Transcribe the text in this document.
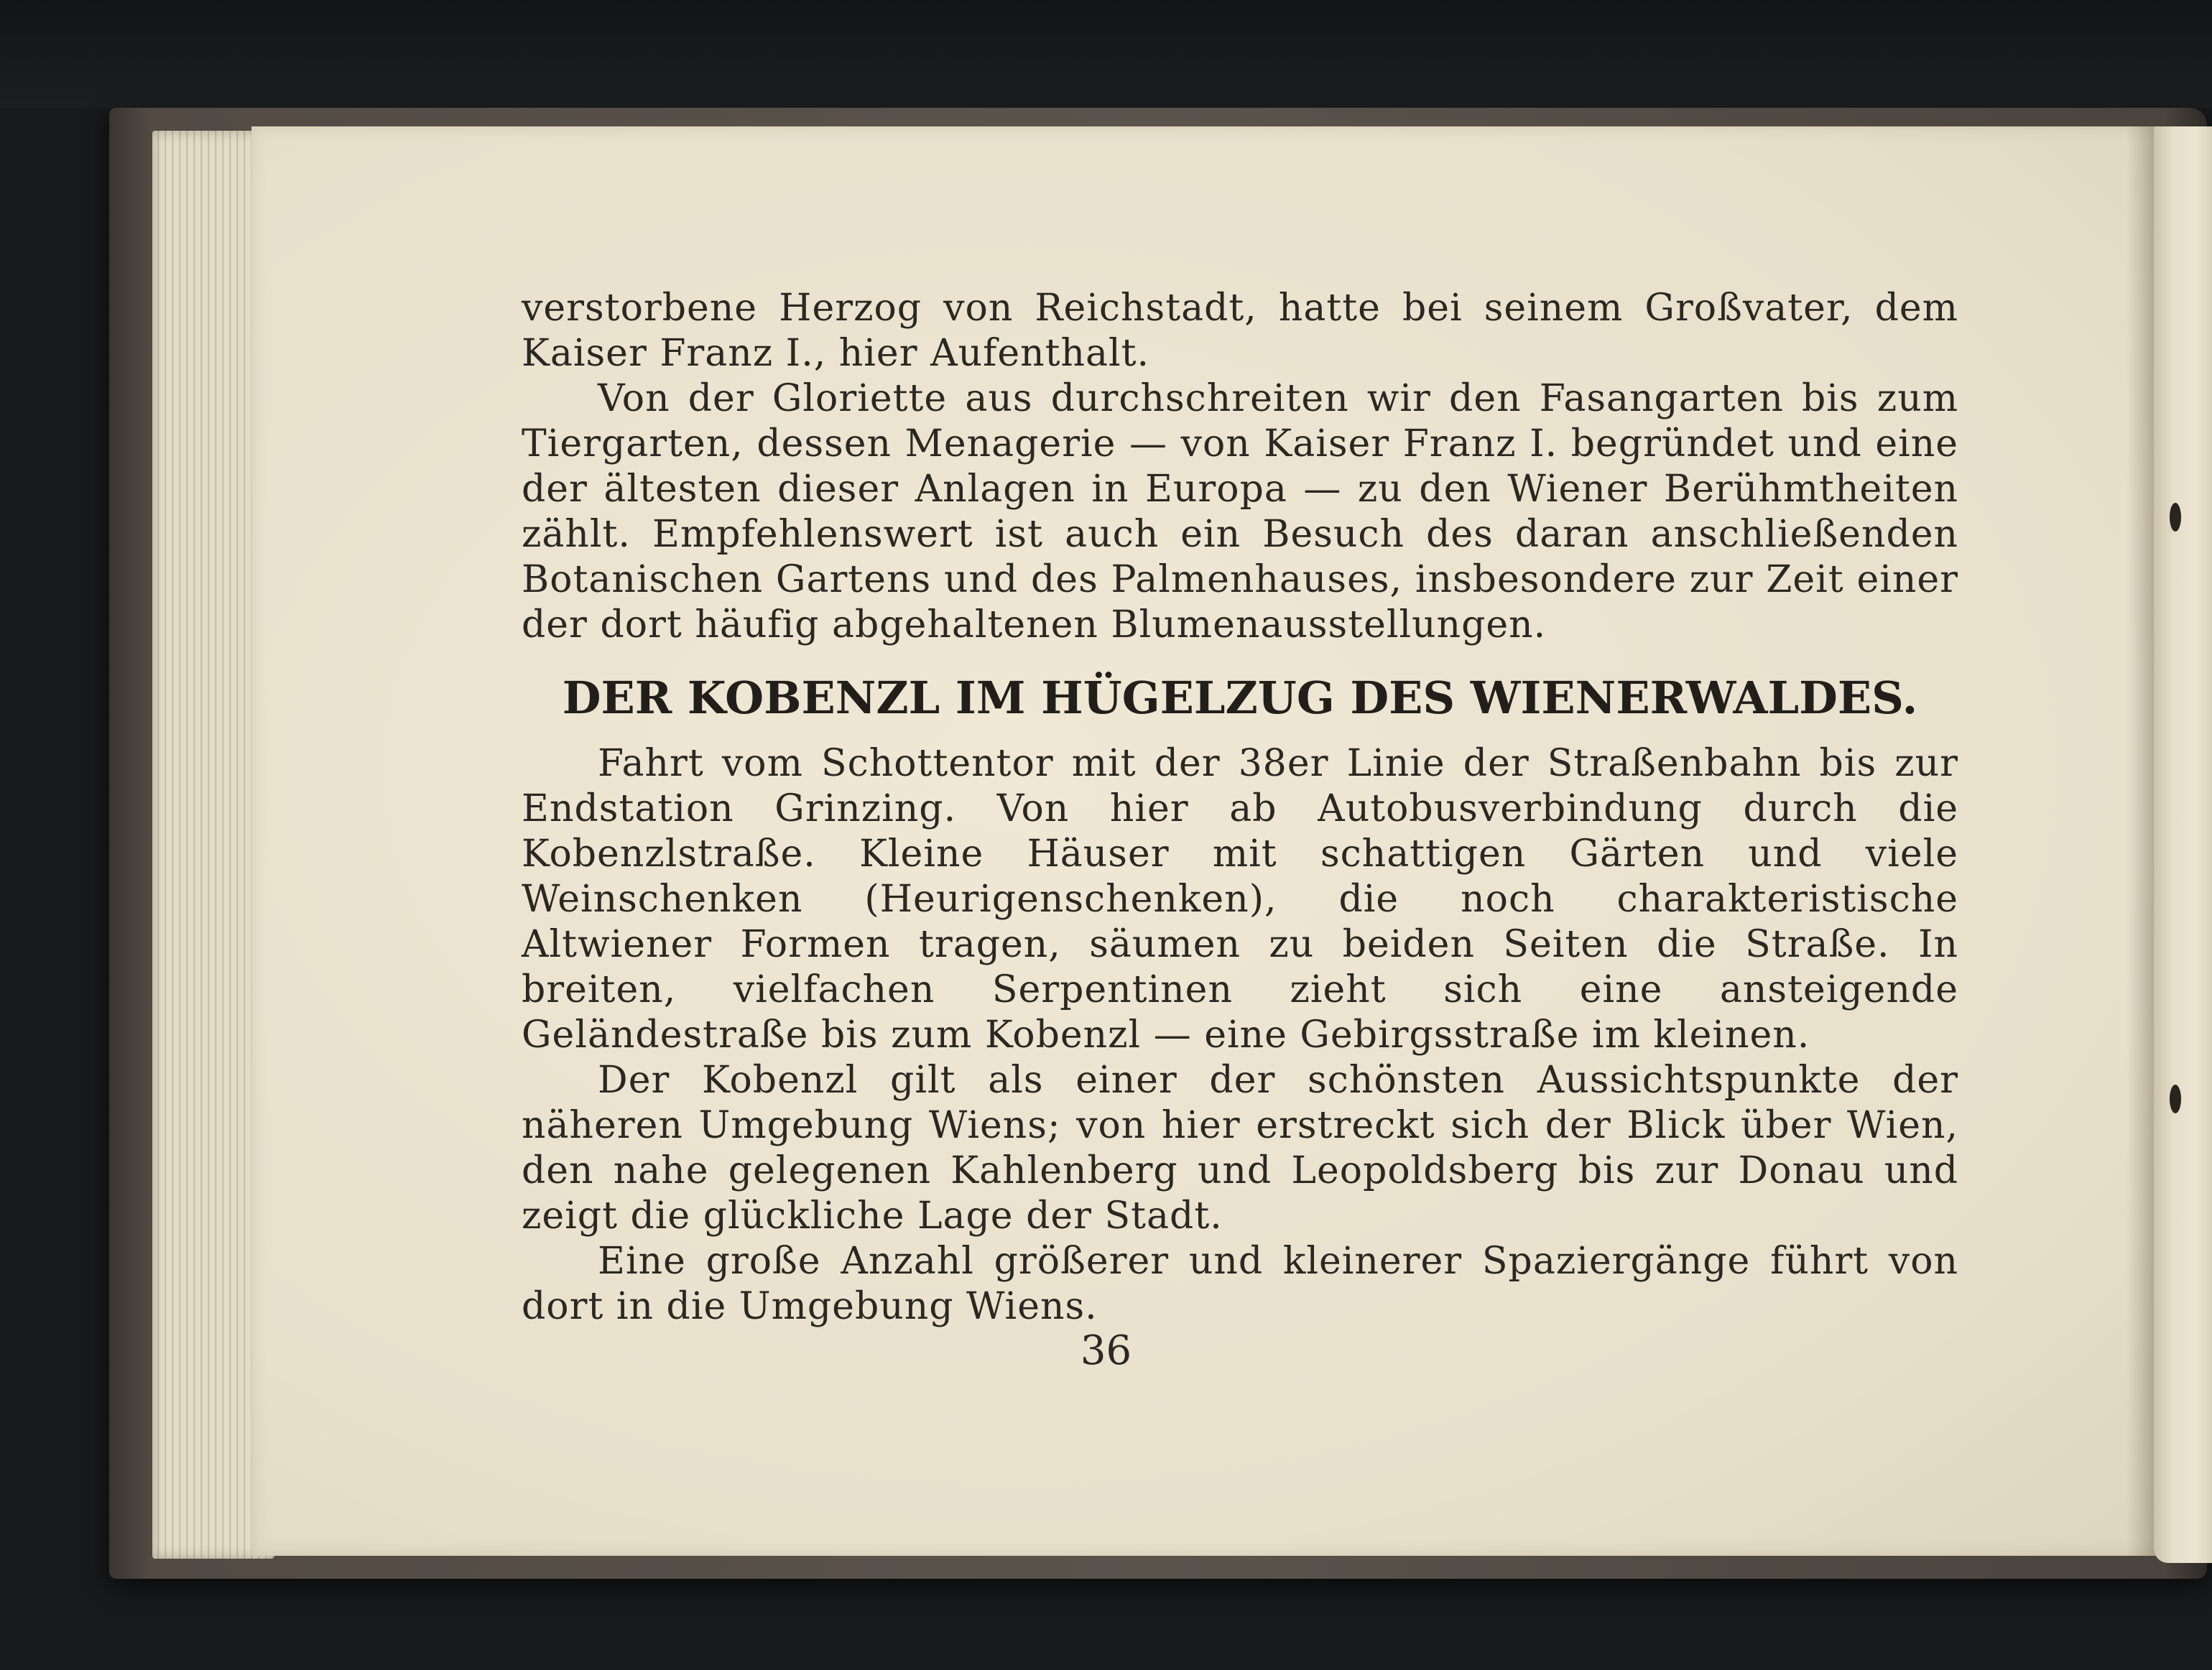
verstorbene Herzog von Reichstadt, hatte bei seinem Großvater, dem Kaiser Franz I., hier Aufenthalt.

Von der Gloriette aus durchschreiten wir den Fasangarten bis zum Tiergarten, dessen Menagerie — von Kaiser Franz I. begründet und eine der ältesten dieser Anlagen in Europa — zu den Wiener Berühmtheiten zählt. Empfehlenswert ist auch ein Besuch des daran anschließenden Botanischen Gartens und des Palmenhauses, insbesondere zur Zeit einer der dort häufig abgehaltenen Blumenausstellungen.

DER KOBENZL IM HÜGELZUG DES WIENERWALDES.

Fahrt vom Schottentor mit der 38er Linie der Straßenbahn bis zur Endstation Grinzing. Von hier ab Autobusverbindung durch die Kobenzlstraße. Kleine Häuser mit schattigen Gärten und viele Weinschenken (Heurigenschenken), die noch charakteristische Altwiener Formen tragen, säumen zu beiden Seiten die Straße. In breiten, vielfachen Serpentinen zieht sich eine ansteigende Geländestraße bis zum Kobenzl — eine Gebirgsstraße im kleinen.

Der Kobenzl gilt als einer der schönsten Aussichtspunkte der näheren Umgebung Wiens; von hier erstreckt sich der Blick über Wien, den nahe gelegenen Kahlenberg und Leopoldsberg bis zur Donau und zeigt die glückliche Lage der Stadt.

Eine große Anzahl größerer und kleinerer Spaziergänge führt von dort in die Umgebung Wiens.

36
